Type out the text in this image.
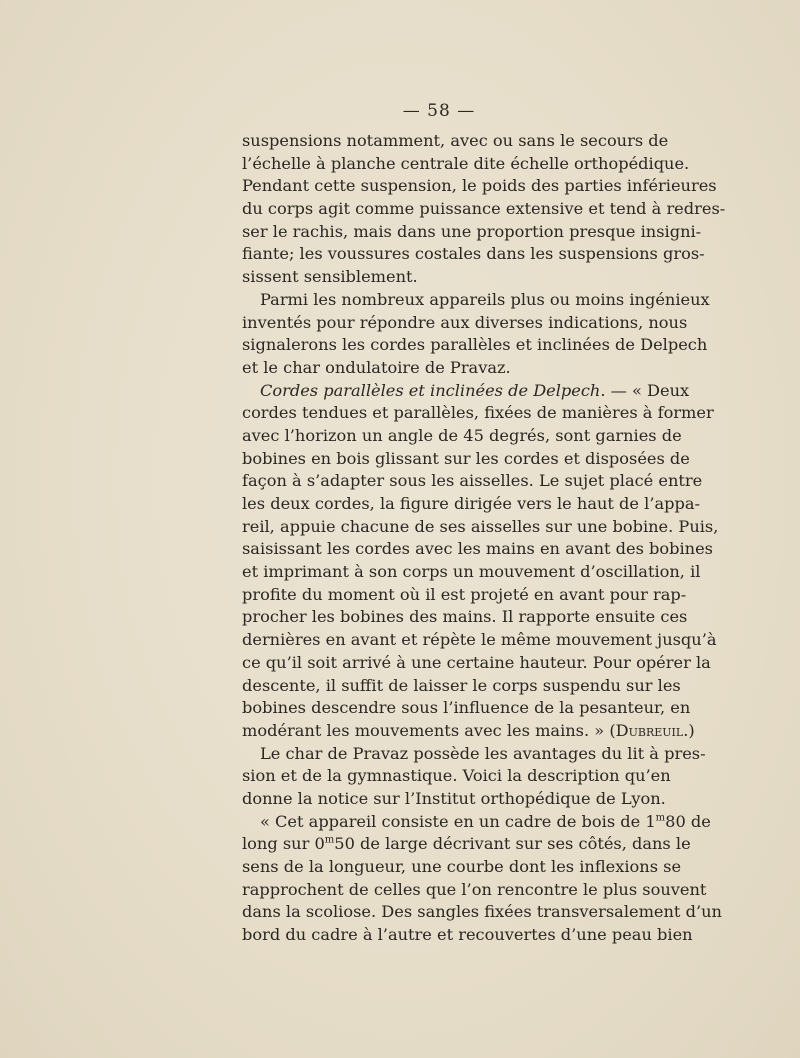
— 58 —
suspensions notamment, avec ou sans le secours de
l’échelle à planche centrale dite échelle orthopédique.
Pendant cette suspension, le poids des parties inférieures
du corps agit comme puissance extensive et tend à redres-
ser le rachis, mais dans une proportion presque insigni-
fiante; les voussures costales dans les suspensions gros-
sissent sensiblement.
Parmi les nombreux appareils plus ou moins ingénieux
inventés pour répondre aux diverses indications, nous
signalerons les cordes parallèles et inclinées de Delpech
et le char ondulatoire de Pravaz.
Cordes parallèles et inclinées de Delpech. — « Deux
cordes tendues et parallèles, fixées de manières à former
avec l’horizon un angle de 45 degrés, sont garnies de
bobines en bois glissant sur les cordes et disposées de
façon à s’adapter sous les aisselles. Le sujet placé entre
les deux cordes, la figure dirigée vers le haut de l’appa-
reil, appuie chacune de ses aisselles sur une bobine. Puis,
saisissant les cordes avec les mains en avant des bobines
et imprimant à son corps un mouvement d’oscillation, il
profite du moment où il est projeté en avant pour rap-
procher les bobines des mains. Il rapporte ensuite ces
dernières en avant et répète le même mouvement jusqu’à
ce qu’il soit arrivé à une certaine hauteur. Pour opérer la
descente, il suffit de laisser le corps suspendu sur les
bobines descendre sous l’influence de la pesanteur, en
modérant les mouvements avec les mains. » (Dubreuil.)
Le char de Pravaz possède les avantages du lit à pres-
sion et de la gymnastique. Voici la description qu’en
donne la notice sur l’Institut orthopédique de Lyon.
« Cet appareil consiste en un cadre de bois de 1$^m$80 de
long sur 0$^m$50 de large décrivant sur ses côtés, dans le
sens de la longueur, une courbe dont les inflexions se
rapprochent de celles que l’on rencontre le plus souvent
dans la scoliose. Des sangles fixées transversalement d’un
bord du cadre à l’autre et recouvertes d’une peau bien
